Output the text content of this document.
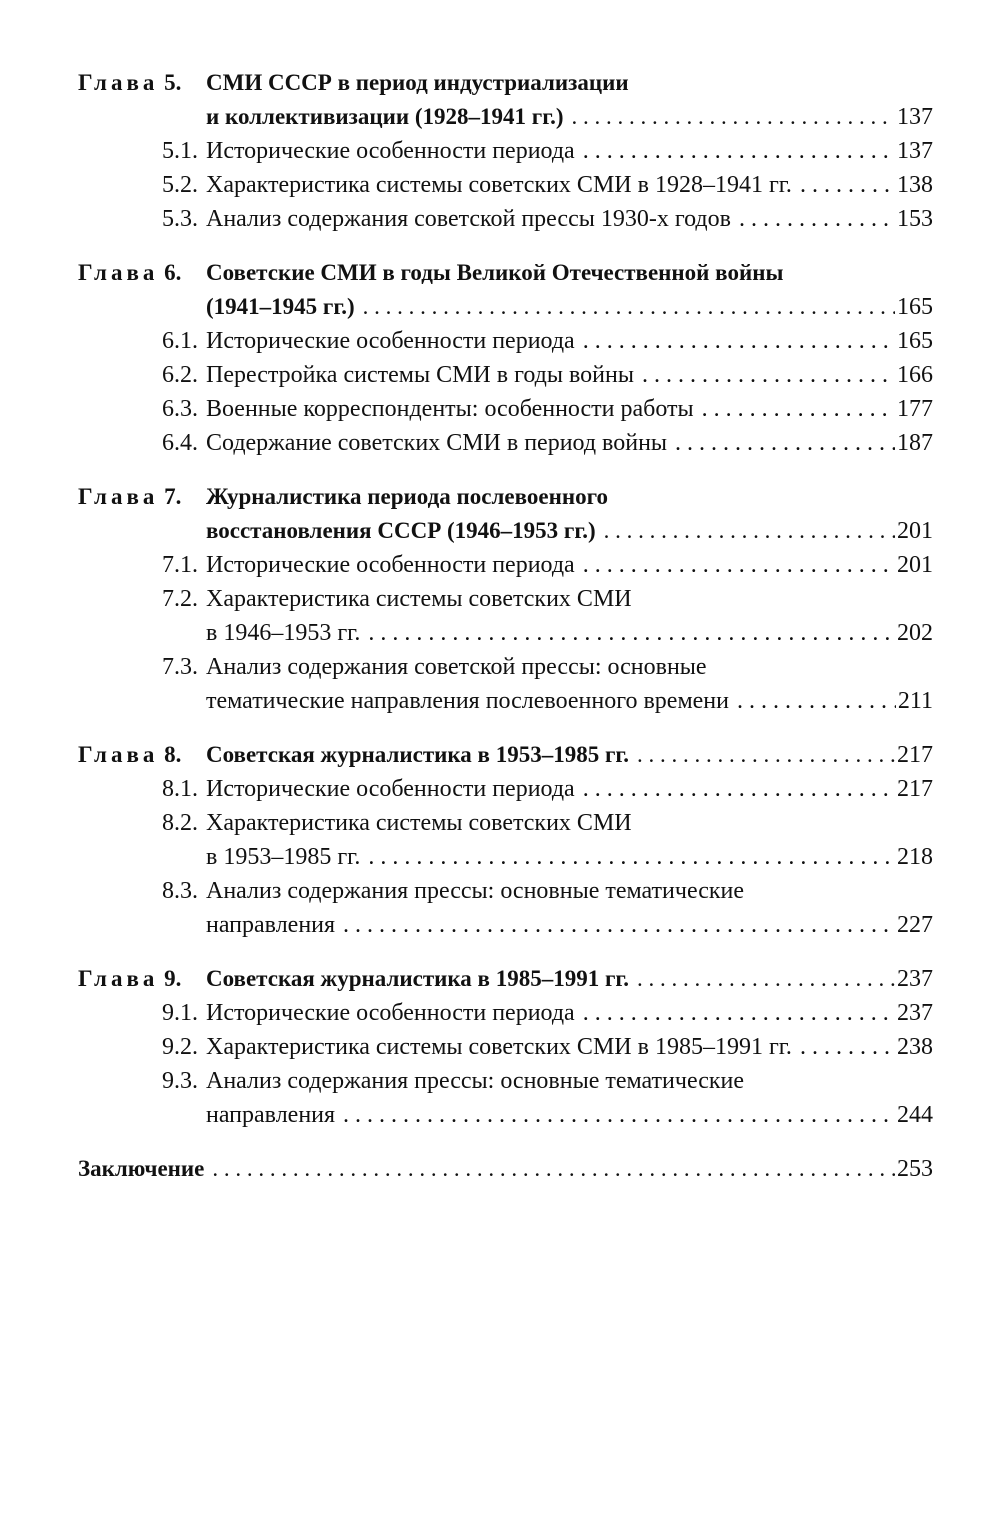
Глава 5.	СМИ СССР в период индустриализации
и коллективизации (1928–1941 гг.) . . .	137
5.1. Исторические особенности периода . . .	137
5.2. Характеристика системы советских СМИ в 1928–1941 гг. . . .	138
5.3. Анализ содержания советской прессы 1930-х годов . . .	153
Глава 6.	Советские СМИ в годы Великой Отечественной войны
(1941–1945 гг.) . . .	165
6.1. Исторические особенности периода . . .	165
6.2. Перестройка системы СМИ в годы войны . . .	166
6.3. Военные корреспонденты: особенности работы . . .	177
6.4. Содержание советских СМИ в период войны . . .	187
Глава 7.	Журналистика периода послевоенного
восстановления СССР (1946–1953 гг.) . . .	201
7.1. Исторические особенности периода . . .	201
7.2. Характеристика системы советских СМИ
в 1946–1953 гг. . . .	202
7.3. Анализ содержания советской прессы: основные
тематические направления послевоенного времени . . .	211
Глава 8.	Советская журналистика в 1953–1985 гг. . . .	217
8.1. Исторические особенности периода . . .	217
8.2. Характеристика системы советских СМИ
в 1953–1985 гг. . . .	218
8.3. Анализ содержания прессы: основные тематические
направления . . .	227
Глава 9.	Советская журналистика в 1985–1991 гг. . . .	237
9.1. Исторические особенности периода . . .	237
9.2. Характеристика системы советских СМИ в 1985–1991 гг. . . .	238
9.3. Анализ содержания прессы: основные тематические
направления . . .	244
Заключение . . .	253
